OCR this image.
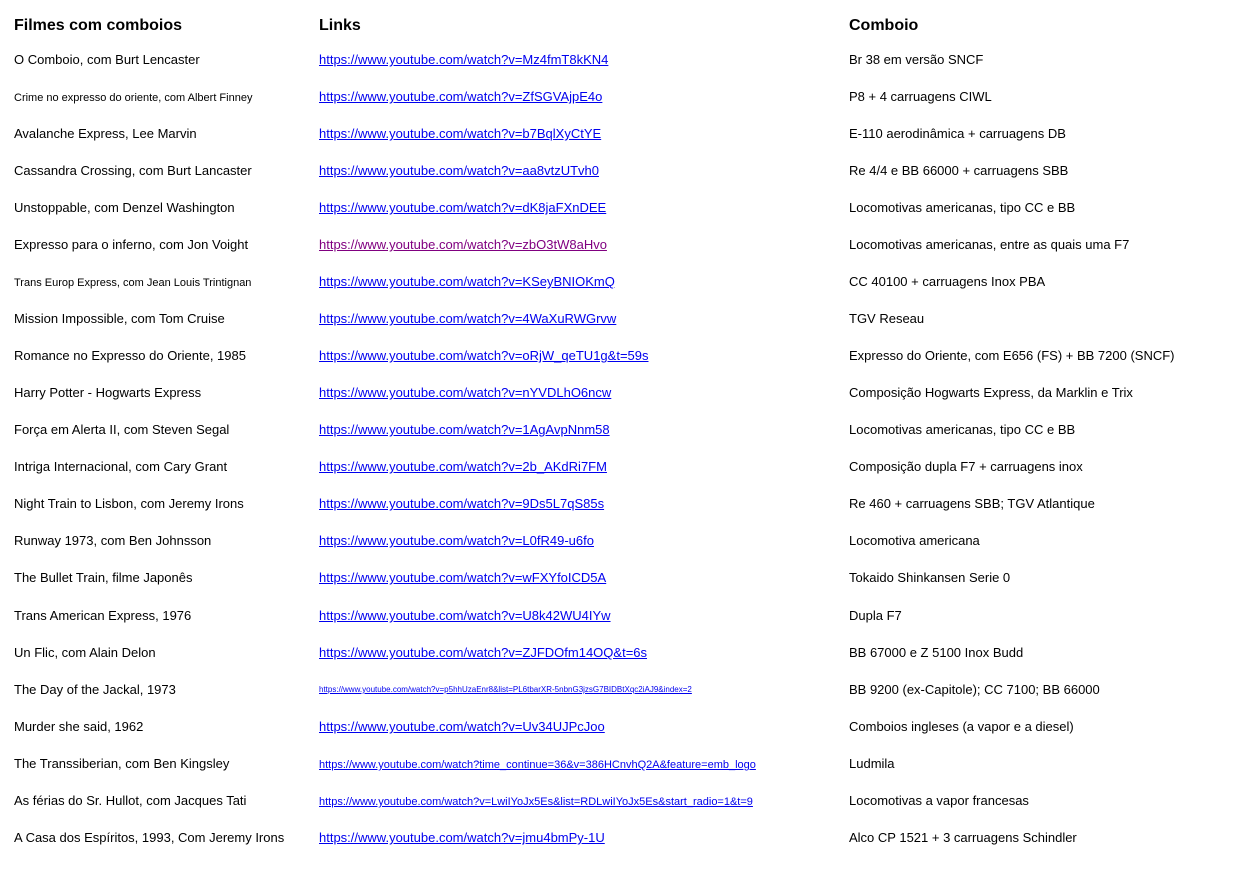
Filmes com comboios	Links	Comboio
O Comboio, com Burt Lencaster	https://www.youtube.com/watch?v=Mz4fmT8kKN4	Br 38 em versão SNCF
Crime no expresso do oriente, com Albert Finney	https://www.youtube.com/watch?v=ZfSGVAjpE4o	P8 + 4 carruagens CIWL
Avalanche Express, Lee Marvin	https://www.youtube.com/watch?v=b7BqlXyCtYE	E-110 aerodinâmica + carruagens DB
Cassandra Crossing, com Burt Lancaster	https://www.youtube.com/watch?v=aa8vtzUTvh0	Re 4/4 e BB 66000 + carruagens SBB
Unstoppable, com Denzel Washington	https://www.youtube.com/watch?v=dK8jaFXnDEE	Locomotivas americanas, tipo CC e BB
Expresso para o inferno, com Jon Voight	https://www.youtube.com/watch?v=zbO3tW8aHvo	Locomotivas americanas, entre as quais uma F7
Trans Europ Express, com Jean Louis Trintignan	https://www.youtube.com/watch?v=KSeyBNIOKmQ	CC 40100 + carruagens Inox PBA
Mission Impossible, com Tom Cruise	https://www.youtube.com/watch?v=4WaXuRWGrvw	TGV Reseau
Romance no Expresso do Oriente, 1985	https://www.youtube.com/watch?v=oRjW_qeTU1g&t=59s	Expresso do Oriente, com E656 (FS) + BB 7200 (SNCF)
Harry Potter - Hogwarts Express	https://www.youtube.com/watch?v=nYVDLhO6ncw	Composição Hogwarts Express, da Marklin e Trix
Força em Alerta II, com Steven Segal	https://www.youtube.com/watch?v=1AgAvpNnm58	Locomotivas americanas, tipo CC e BB
Intriga Internacional, com Cary Grant	https://www.youtube.com/watch?v=2b_AKdRi7FM	Composição dupla F7 + carruagens inox
Night Train to Lisbon, com Jeremy Irons	https://www.youtube.com/watch?v=9Ds5L7qS85s	Re 460 + carruagens SBB; TGV Atlantique
Runway 1973, com Ben Johnsson	https://www.youtube.com/watch?v=L0fR49-u6fo	Locomotiva americana
The Bullet Train, filme Japonês	https://www.youtube.com/watch?v=wFXYfoICD5A	Tokaido Shinkansen Serie 0
Trans American Express, 1976	https://www.youtube.com/watch?v=U8k42WU4IYw	Dupla F7
Un Flic, com Alain Delon	https://www.youtube.com/watch?v=ZJFDOfm14OQ&t=6s	BB 67000 e Z 5100 Inox Budd
The Day of the Jackal, 1973	https://www.youtube.com/watch?v=p5hhUzaEnr8&list=PL6tbarXR-5nbnG3jzsG7BIDBtXqc2iAJ9&index=2	BB 9200 (ex-Capitole); CC 7100; BB 66000
Murder she said, 1962	https://www.youtube.com/watch?v=Uv34UJPcJoo	Comboios ingleses (a vapor e a diesel)
The Transsiberian, com Ben Kingsley	https://www.youtube.com/watch?time_continue=36&v=386HCnvhQ2A&feature=emb_logo	Ludmila
As férias do Sr. Hullot, com Jacques Tati	https://www.youtube.com/watch?v=LwiIYoJx5Es&list=RDLwiIYoJx5Es&start_radio=1&t=9	Locomotivas a vapor francesas
A Casa dos Espíritos, 1993, Com Jeremy Irons	https://www.youtube.com/watch?v=jmu4bmPy-1U	Alco CP 1521 + 3 carruagens Schindler
